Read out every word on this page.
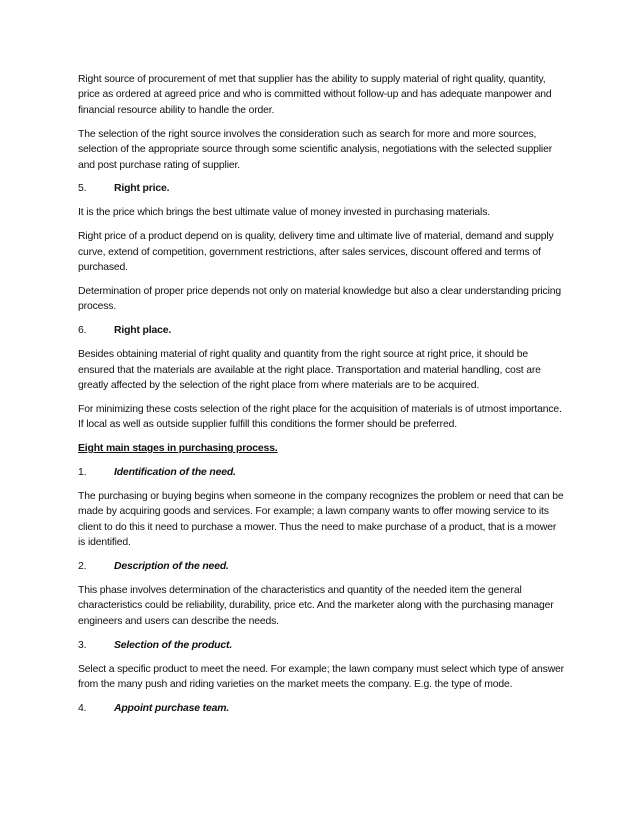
Right source of procurement of met that supplier has the ability to supply material of right quality, quantity, price as ordered at agreed price and who is committed without follow-up and has adequate manpower and financial resource ability to handle the order.

The selection of the right source involves the consideration such as search for more and more sources, selection of the appropriate source through some scientific analysis, negotiations with the selected supplier and post purchase rating of supplier.

5.	Right price.

It is the price which brings the best ultimate value of money invested in purchasing materials.

Right price of a product depend on is quality, delivery time and ultimate live of material, demand and supply curve, extend of competition, government restrictions, after sales services, discount offered and terms of purchased.

Determination of proper price depends not only on material knowledge but also a clear understanding pricing process.

6.	Right place.

Besides obtaining material of right quality and quantity from the right source at right price, it should be ensured that the materials are available at the right place. Transportation and material handling, cost are greatly affected by the selection of the right place from where materials are to be acquired.

For minimizing these costs selection of the right place for the acquisition of materials is of utmost importance. If local as well as outside supplier fulfill this conditions the former should be preferred.

Eight main stages in purchasing process.

1.	Identification of the need.

The purchasing or buying begins when someone in the company recognizes the problem or need that can be made by acquiring goods and services. For example; a lawn company wants to offer mowing service to its client to do this it need to purchase a mower. Thus the need to make purchase of a product, that is a mower is identified.

2.	Description of the need.

This phase involves determination of the characteristics and quantity of the needed item the general characteristics could be reliability, durability, price etc. And the marketer along with the purchasing manager engineers and users can describe the needs.

3.	Selection of the product.

Select a specific product to meet the need. For example; the lawn company must select which type of answer from the many push and riding varieties on the market meets the company. E.g. the type of mode.

4.	Appoint purchase team.
